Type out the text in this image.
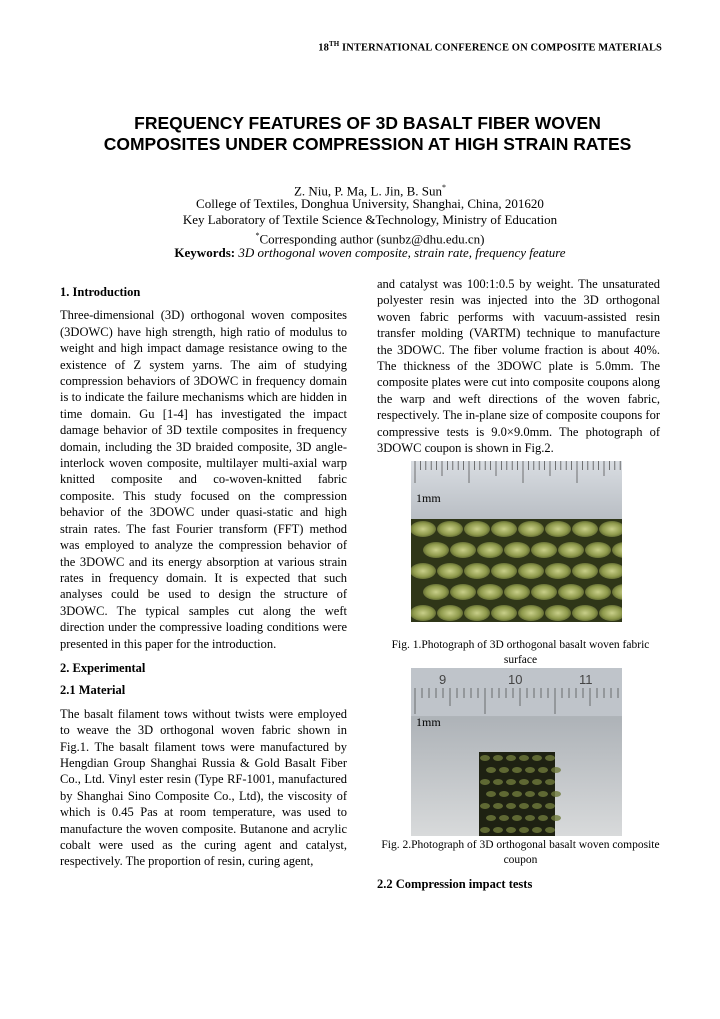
18TH INTERNATIONAL CONFERENCE ON COMPOSITE MATERIALS
FREQUENCY FEATURES OF 3D BASALT FIBER WOVEN COMPOSITES UNDER COMPRESSION AT HIGH STRAIN RATES
Z. Niu, P. Ma, L. Jin, B. Sun*
College of Textiles, Donghua University, Shanghai, China, 201620
Key Laboratory of Textile Science &Technology, Ministry of Education
*Corresponding author (sunbz@dhu.edu.cn)
Keywords: 3D orthogonal woven composite, strain rate, frequency feature

1. Introduction

Three-dimensional (3D) orthogonal woven composites (3DOWC) have high strength, high ratio of modulus to weight and high impact damage resistance owing to the existence of Z system yarns. The aim of studying compression behaviors of 3DOWC in frequency domain is to indicate the failure mechanisms which are hidden in time domain. Gu [1-4] has investigated the impact damage behavior of 3D textile composites in frequency domain, including the 3D braided composite, 3D angle-interlock woven composite, multilayer multi-axial warp knitted composite and co-woven-knitted fabric composite. This study focused on the compression behavior of the 3DOWC under quasi-static and high strain rates. The fast Fourier transform (FFT) method was employed to analyze the compression behavior of the 3DOWC and its energy absorption at various strain rates in frequency domain. It is expected that such analyses could be used to design the structure of 3DOWC. The typical samples cut along the weft direction under the compressive loading conditions were presented in this paper for the introduction.

2. Experimental

2.1 Material

The basalt filament tows without twists were employed to weave the 3D orthogonal woven fabric shown in Fig.1. The basalt filament tows were manufactured by Hengdian Group Shanghai Russia & Gold Basalt Fiber Co., Ltd. Vinyl ester resin (Type RF-1001, manufactured by Shanghai Sino Composite Co., Ltd), the viscosity of which is 0.45 Pas at room temperature, was used to manufacture the woven composite. Butanone and acrylic cobalt were used as the curing agent and catalyst, respectively. The proportion of resin, curing agent,

and catalyst was 100:1:0.5 by weight. The unsaturated polyester resin was injected into the 3D orthogonal woven fabric performs with vacuum-assisted resin transfer molding (VARTM) technique to manufacture the 3DOWC. The fiber volume fraction is about 40%. The thickness of the 3DOWC plate is 5.0mm. The composite plates were cut into composite coupons along the warp and weft directions of the woven fabric, respectively. The in-plane size of composite coupons for compressive tests is 9.0×9.0mm. The photograph of 3DOWC coupon is shown in Fig.2.
1mm
Fig. 1.Photograph of 3D orthogonal basalt woven fabric surface
9	10	11
1mm
Fig. 2.Photograph of 3D orthogonal basalt woven composite coupon
2.2 Compression impact tests
